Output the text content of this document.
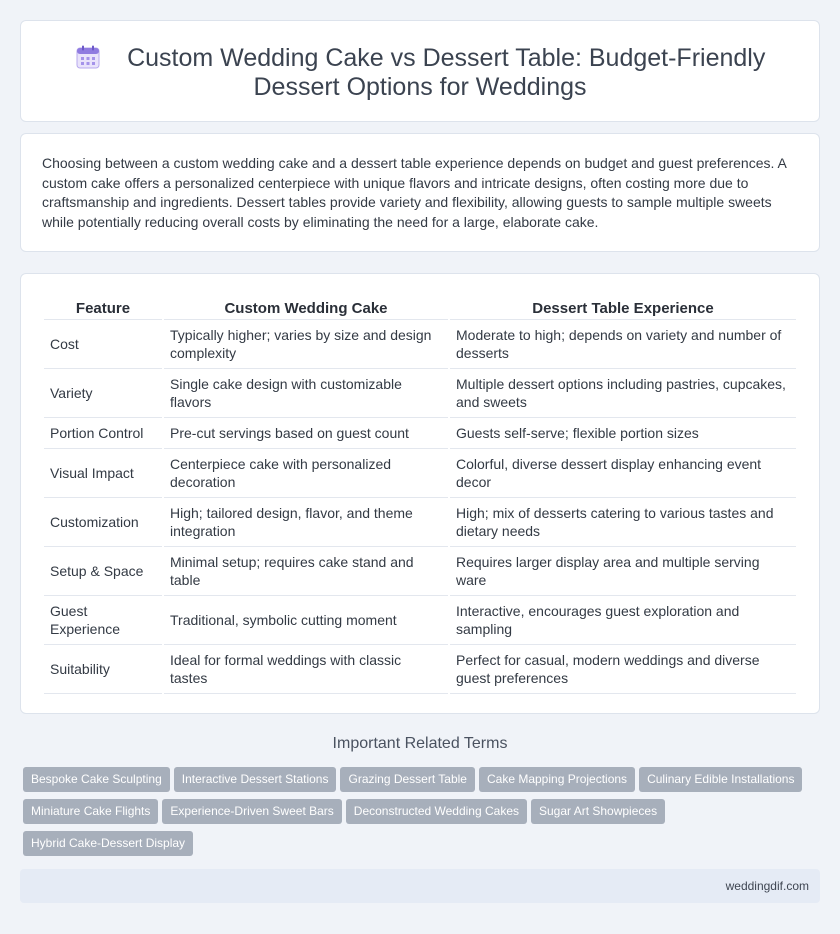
Custom Wedding Cake vs Dessert Table: Budget-Friendly Dessert Options for Weddings

Choosing between a custom wedding cake and a dessert table experience depends on budget and guest preferences. A custom cake offers a personalized centerpiece with unique flavors and intricate designs, often costing more due to craftsmanship and ingredients. Dessert tables provide variety and flexibility, allowing guests to sample multiple sweets while potentially reducing overall costs by eliminating the need for a large, elaborate cake.

Feature	Custom Wedding Cake	Dessert Table Experience
Cost	Typically higher; varies by size and design complexity	Moderate to high; depends on variety and number of desserts
Variety	Single cake design with customizable flavors	Multiple dessert options including pastries, cupcakes, and sweets
Portion Control	Pre-cut servings based on guest count	Guests self-serve; flexible portion sizes
Visual Impact	Centerpiece cake with personalized decoration	Colorful, diverse dessert display enhancing event decor
Customization	High; tailored design, flavor, and theme integration	High; mix of desserts catering to various tastes and dietary needs
Setup & Space	Minimal setup; requires cake stand and table	Requires larger display area and multiple serving ware
Guest Experience	Traditional, symbolic cutting moment	Interactive, encourages guest exploration and sampling
Suitability	Ideal for formal weddings with classic tastes	Perfect for casual, modern weddings and diverse guest preferences
Important Related Terms
Bespoke Cake Sculpting Interactive Dessert Stations Grazing Dessert Table Cake Mapping Projections Culinary Edible Installations
Miniature Cake Flights Experience-Driven Sweet Bars Deconstructed Wedding Cakes Sugar Art Showpieces
Hybrid Cake-Dessert Display
weddingdif.com
